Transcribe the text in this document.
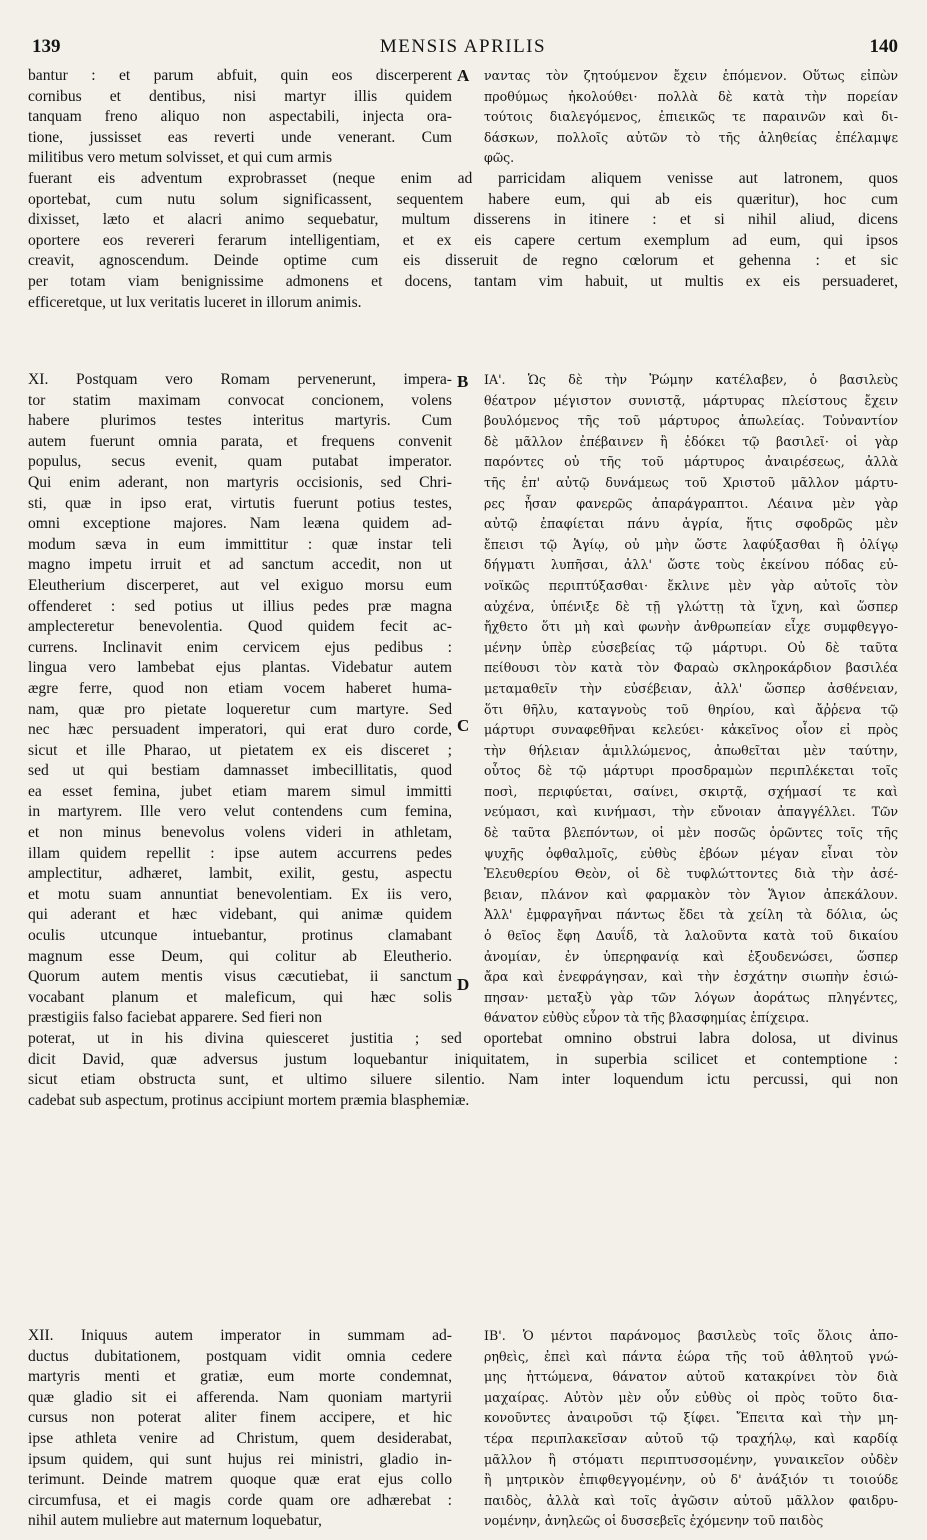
139	MENSIS APRILIS	140
bantur : et parum abfuit, quin eos discerperent
cornibus et dentibus, nisi martyr illis quidem
tanquam freno aliquo non aspectabili, injecta ora-
tione, jussisset eas reverti unde venerant. Cum
militibus vero metum solvisset, et qui cum armis
A ναντας τὸν ζητούμενον ἔχειν ἑπόμενον. Οὕτως εἰπὼν
προθύμως ἠκολούθει· πολλὰ δὲ κατὰ τὴν πορείαν
τούτοις διαλεγόμενος, ἐπιεικῶς τε παραινῶν καὶ δι-
δάσκων, πολλοῖς αὐτῶν τὸ τῆς ἀληθείας ἐπέλαμψε
φῶς.
fuerant eis adventum exprobrasset (neque enim ad parricidam aliquem venisse aut latronem, quos
oportebat, cum nutu solum significassent, sequentem habere eum, qui ab eis quæritur), hoc cum
dixisset, læto et alacri animo sequebatur, multum disserens in itinere : et si nihil aliud, dicens
oportere eos revereri ferarum intelligentiam, et ex eis capere certum exemplum ad eum, qui ipsos
creavit, agnoscendum. Deinde optime cum eis disseruit de regno cœlorum et gehenna : et sic
per totam viam benignissime admonens et docens, tantam vim habuit, ut multis ex eis persuaderet,
efficeretque, ut lux veritatis luceret in illorum animis.
XI. Postquam vero Romam pervenerunt, impera-
tor statim maximam convocat concionem, volens
habere plurimos testes interitus martyris. Cum
autem fuerunt omnia parata, et frequens convenit
populus, secus evenit, quam putabat imperator.
Qui enim aderant, non martyris occisionis, sed Chri-
sti, quæ in ipso erat, virtutis fuerunt potius testes,
omni exceptione majores. Nam leæna quidem ad-
modum sæva in eum immittitur : quæ instar teli
magno impetu irruit et ad sanctum accedit, non ut
Eleutherium discerperet, aut vel exiguo morsu eum
offenderet : sed potius ut illius pedes præ magna
amplecteretur benevolentia. Quod quidem fecit ac-
currens. Inclinavit enim cervicem ejus pedibus :
lingua vero lambebat ejus plantas. Videbatur autem
ægre ferre, quod non etiam vocem haberet huma-
nam, quæ pro pietate loqueretur cum martyre. Sed
nec hæc persuadent imperatori, qui erat duro corde,
sicut et ille Pharao, ut pietatem ex eis disceret ;
sed ut qui bestiam damnasset imbecillitatis, quod
ea esset femina, jubet etiam marem simul immitti
in martyrem. Ille vero velut contendens cum femina,
et non minus benevolus volens videri in athletam,
illam quidem repellit : ipse autem accurrens pedes
amplectitur, adhæret, lambit, exilit, gestu, aspectu
et motu suam annuntiat benevolentiam. Ex iis vero,
qui aderant et hæc videbant, qui animæ quidem
oculis utcunque intuebantur, protinus clamabant
magnum esse Deum, qui colitur ab Eleutherio.
Quorum autem mentis visus cæcutiebat, ii sanctum
vocabant planum et maleficum, qui hæc solis
præstigiis falso faciebat apparere. Sed fieri non
B
C
D
ΙΑ'. Ὡς δὲ τὴν Ῥώμην κατέλαβεν, ὁ βασιλεὺς
θέατρον μέγιστον συνιστᾷ, μάρτυρας πλείστους ἔχειν
βουλόμενος τῆς τοῦ μάρτυρος ἀπωλείας. Τοὐναντίον
δὲ μᾶλλον ἐπέβαινεν ἢ ἐδόκει τῷ βασιλεῖ· οἱ γὰρ
παρόντες οὐ τῆς τοῦ μάρτυρος ἀναιρέσεως, ἀλλὰ
τῆς ἐπ' αὐτῷ δυνάμεως τοῦ Χριστοῦ μᾶλλον μάρτυ-
ρες ἦσαν φανερῶς ἀπαράγραπτοι. Λέαινα μὲν γὰρ
αὐτῷ ἐπαφίεται πάνυ ἀγρία, ἥτις σφοδρῶς μὲν
ἔπεισι τῷ Ἁγίῳ, οὐ μὴν ὥστε λαφύξασθαι ἢ ὀλίγῳ
δήγματι λυπῆσαι, ἀλλ' ὥστε τοὺς ἐκείνου πόδας εὐ-
νοϊκῶς περιπτύξασθαι· ἔκλινε μὲν γὰρ αὐτοῖς τὸν
αὐχένα, ὑπένιξε δὲ τῇ γλώττῃ τὰ ἴχνη, καὶ ὥσπερ
ἤχθετο ὅτι μὴ καὶ φωνὴν ἀνθρωπείαν εἶχε συμφθεγγο-
μένην ὑπὲρ εὐσεβείας τῷ μάρτυρι. Οὐ δὲ ταῦτα
πείθουσι τὸν κατὰ τὸν Φαραὼ σκληροκάρδιον βασιλέα
μεταμαθεῖν τὴν εὐσέβειαν, ἀλλ' ὥσπερ ἀσθένειαν,
ὅτι θῆλυ, καταγνοὺς τοῦ θηρίου, καὶ ἄῤῥενα τῷ
μάρτυρι συναφεθῆναι κελεύει· κἀκεῖνος οἷον εἰ πρὸς
τὴν θήλειαν ἁμιλλώμενος, ἀπωθεῖται μὲν ταύτην,
οὗτος δὲ τῷ μάρτυρι προσδραμὼν περιπλέκεται τοῖς
ποσὶ, περιφύεται, σαίνει, σκιρτᾷ, σχήμασί τε καὶ
νεύμασι, καὶ κινήμασι, τὴν εὔνοιαν ἀπαγγέλλει. Τῶν
δὲ ταῦτα βλεπόντων, οἱ μὲν ποσῶς ὁρῶντες τοῖς τῆς
ψυχῆς ὀφθαλμοῖς, εὐθὺς ἐβόων μέγαν εἶναι τὸν
Ἐλευθερίου Θεὸν, οἱ δὲ τυφλώττοντες διὰ τὴν ἀσέ-
βειαν, πλάνον καὶ φαρμακὸν τὸν Ἅγιον ἀπεκάλουν.
Ἀλλ' ἐμφραγῆναι πάντως ἔδει τὰ χείλη τὰ δόλια, ὡς
ὁ θεῖος ἔφη Δαυΐδ, τὰ λαλοῦντα κατὰ τοῦ δικαίου
ἀνομίαν, ἐν ὑπερηφανίᾳ καὶ ἐξουδενώσει, ὥσπερ
ἄρα καὶ ἐνεφράγησαν, καὶ τὴν ἐσχάτην σιωπὴν ἐσιώ-
πησαν· μεταξὺ γὰρ τῶν λόγων ἀοράτως πληγέντες,
θάνατον εὐθὺς εὗρον τὰ τῆς βλασφημίας ἐπίχειρα.
poterat, ut in his divina quiesceret justitia ; sed oportebat omnino obstrui labra dolosa, ut divinus
dicit David, quæ adversus justum loquebantur iniquitatem, in superbia scilicet et contemptione :
sicut etiam obstructa sunt, et ultimo siluere silentio. Nam inter loquendum ictu percussi, qui non
cadebat sub aspectum, protinus accipiunt mortem præmia blasphemiæ.
XII. Iniquus autem imperator in summam ad-
ductus dubitationem, postquam vidit omnia cedere
martyris menti et gratiæ, eum morte condemnat,
quæ gladio sit ei afferenda. Nam quoniam martyrii
cursus non poterat aliter finem accipere, et hic
ipse athleta venire ad Christum, quem desiderabat,
ipsum quidem, qui sunt hujus rei ministri, gladio in-
terimunt. Deinde matrem quoque quæ erat ejus collo
circumfusa, et ei magis corde quam ore adhærebat :
nihil autem muliebre aut maternum loquebatur,
ΙΒ'. Ὁ μέντοι παράνομος βασιλεὺς τοῖς ὅλοις ἀπο-
ρηθεὶς, ἐπεὶ καὶ πάντα ἑώρα τῆς τοῦ ἀθλητοῦ γνώ-
μης ἡττώμενα, θάνατον αὐτοῦ κατακρίνει τὸν διὰ
μαχαίρας. Αὐτὸν μὲν οὖν εὐθὺς οἱ πρὸς τοῦτο δια-
κονοῦντες ἀναιροῦσι τῷ ξίφει. Ἔπειτα καὶ τὴν μη-
τέρα περιπλακεῖσαν αὐτοῦ τῷ τραχήλῳ, καὶ καρδίᾳ
μᾶλλον ἢ στόματι περιπτυσσομένην, γυναικεῖον οὐδὲν
ἢ μητρικὸν ἐπιφθεγγομένην, οὐ δ' ἀνάξιόν τι τοιούδε
παιδὸς, ἀλλὰ καὶ τοῖς ἀγῶσιν αὐτοῦ μᾶλλον φαιδρυ-
νομένην, ἀνηλεῶς οἱ δυσσεβεῖς ἐχόμενην τοῦ παιδὸς
